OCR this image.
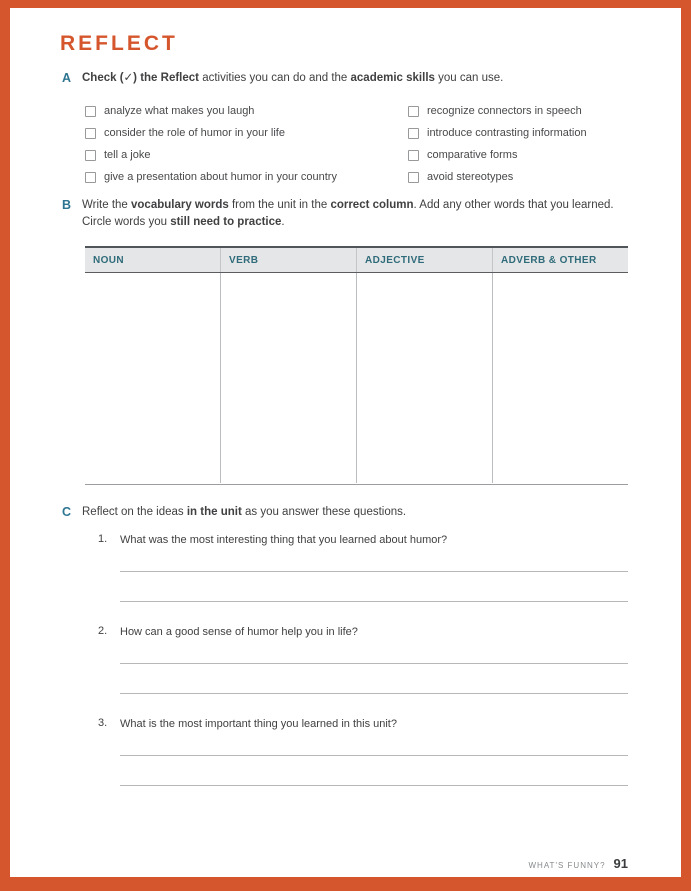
REFLECT
A Check (✓) the Reflect activities you can do and the academic skills you can use.

analyze what makes you laugh
consider the role of humor in your life
tell a joke
give a presentation about humor in your country
recognize connectors in speech
introduce contrasting information
comparative forms
avoid stereotypes
B Write the vocabulary words from the unit in the correct column. Add any other words that you learned. Circle words you still need to practice.

NOUN	VERB	ADJECTIVE	ADVERB & OTHER
C Reflect on the ideas in the unit as you answer these questions.

1. What was the most interesting thing that you learned about humor?
2. How can a good sense of humor help you in life?
3. What is the most important thing you learned in this unit?
WHAT'S FUNNY? 91
